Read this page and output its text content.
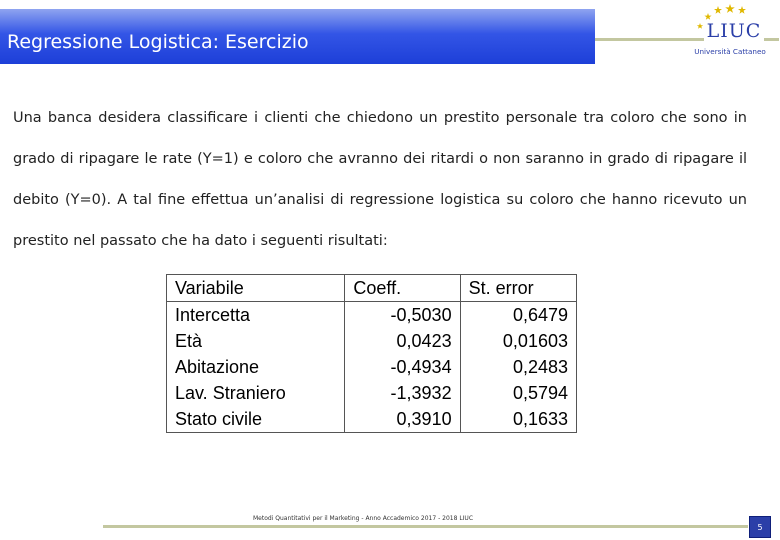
Regressione Logistica: Esercizio	LIUC
Università Cattaneo

Una banca desidera classificare i clienti che chiedono un prestito personale tra coloro che sono in grado di ripagare le rate (Y=1) e coloro che avranno dei ritardi o non saranno in grado di ripagare il debito (Y=0). A tal fine effettua un’analisi di regressione logistica su coloro che hanno ricevuto un prestito nel passato che ha dato i seguenti risultati:

Variabile	Coeff.	St. error
Intercetta	-0,5030	0,6479
Età	0,0423	0,01603
Abitazione	-0,4934	0,2483
Lav. Straniero	-1,3932	0,5794
Stato civile	0,3910	0,1633
Metodi Quantitativi per il Marketing - Anno Accademico 2017 - 2018 LIUC
5
